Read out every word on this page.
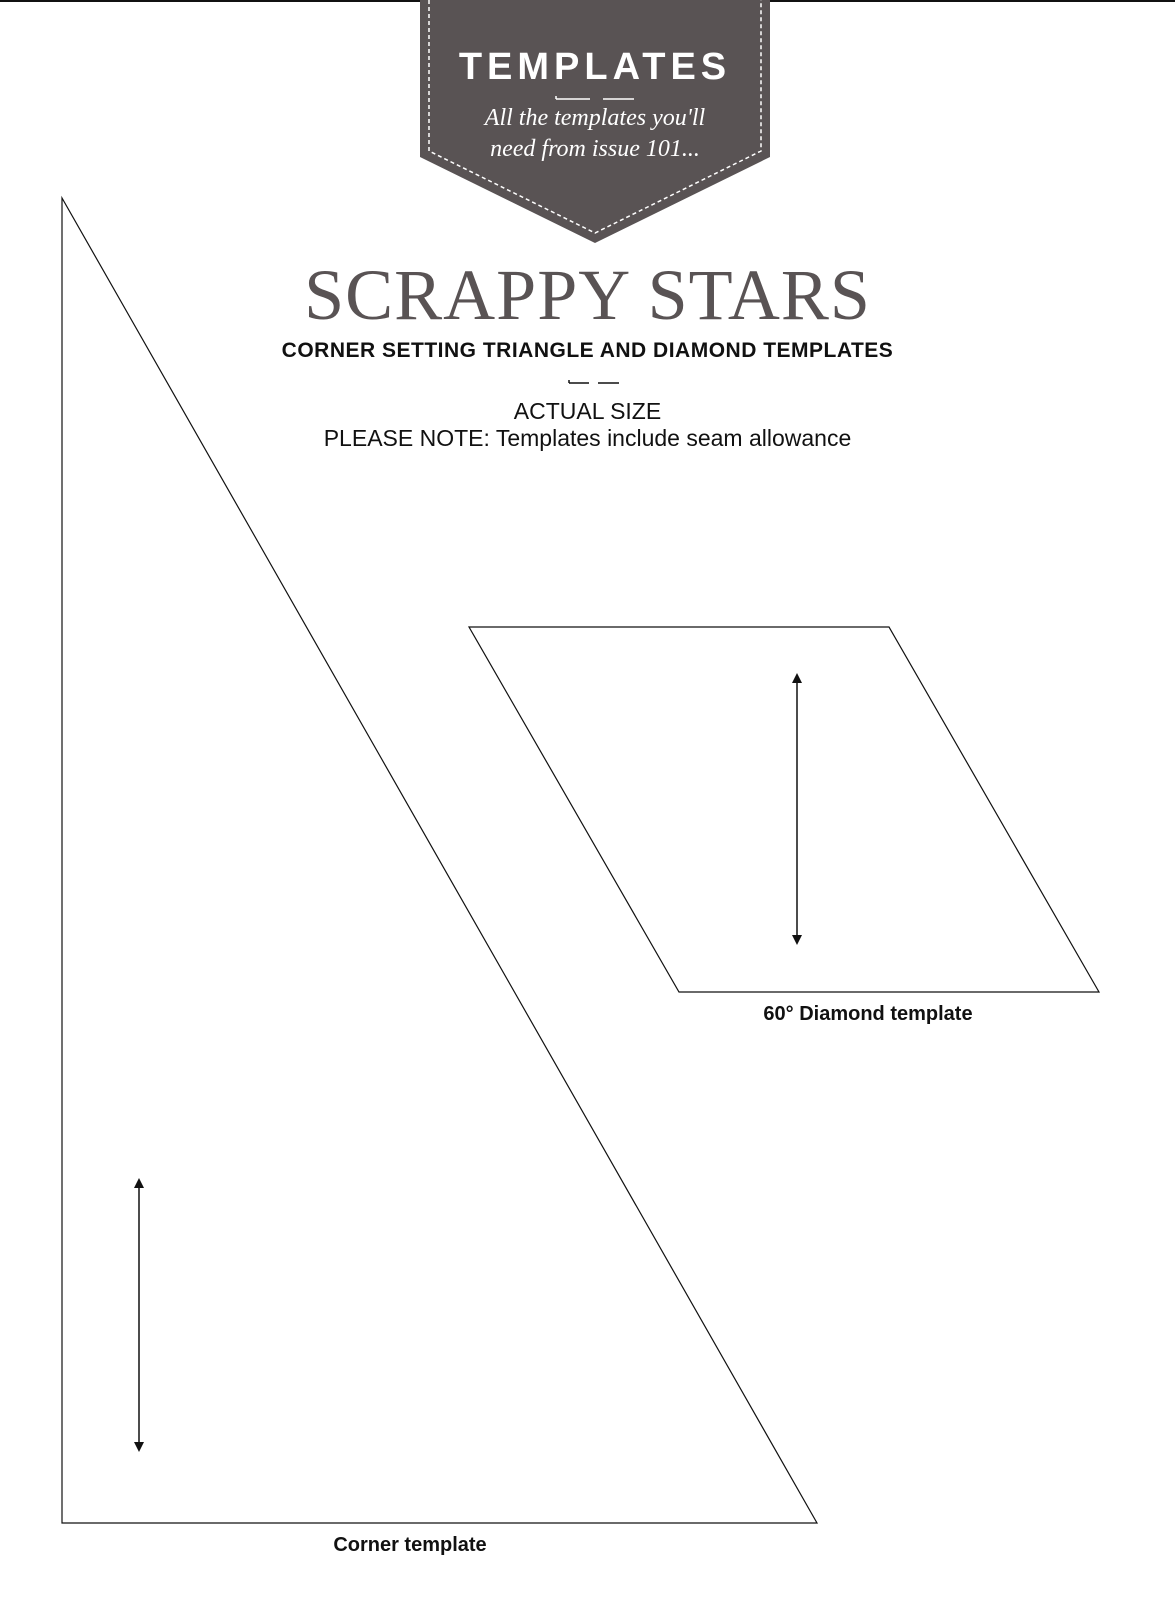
TEMPLATES
All the templates you'll
need from issue 101...
SCRAPPY STARS
CORNER SETTING TRIANGLE AND DIAMOND TEMPLATES
ACTUAL SIZE
PLEASE NOTE: Templates include seam allowance
60° Diamond template
Corner template
